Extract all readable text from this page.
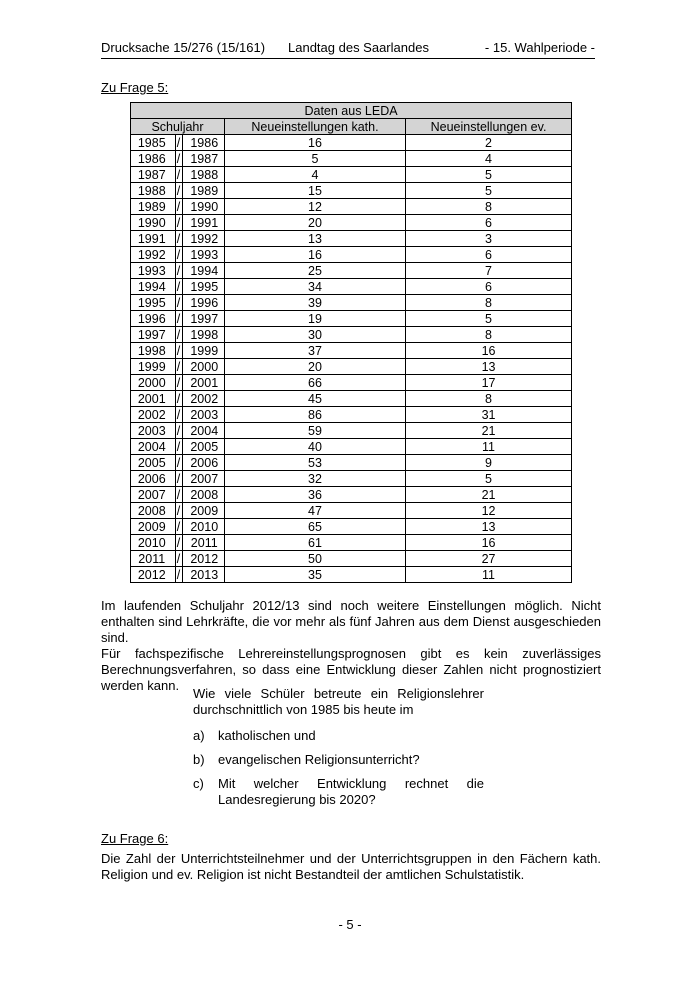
Drucksache 15/276 (15/161) Landtag des Saarlandes	- 15. Wahlperiode -
Zu Frage 5:
Daten aus LEDA				
Schuljahr			Neueinstellungen kath.	Neueinstellungen ev.
1985	/	1986	16	2
1986	/	1987	5	4
1987	/	1988	4	5
1988	/	1989	15	5
1989	/	1990	12	8
1990	/	1991	20	6
1991	/	1992	13	3
1992	/	1993	16	6
1993	/	1994	25	7
1994	/	1995	34	6
1995	/	1996	39	8
1996	/	1997	19	5
1997	/	1998	30	8
1998	/	1999	37	16
1999	/	2000	20	13
2000	/	2001	66	17
2001	/	2002	45	8
2002	/	2003	86	31
2003	/	2004	59	21
2004	/	2005	40	11
2005	/	2006	53	9
2006	/	2007	32	5
2007	/	2008	36	21
2008	/	2009	47	12
2009	/	2010	65	13
2010	/	2011	61	16
2011	/	2012	50	27
2012	/	2013	35	11

Im laufenden Schuljahr 2012/13 sind noch weitere Einstellungen möglich. Nicht enthalten sind Lehrkräfte, die vor mehr als fünf Jahren aus dem Dienst ausgeschieden sind.

Für fachspezifische Lehrereinstellungsprognosen gibt es kein zuverlässiges Berechnungsverfahren, so dass eine Entwicklung dieser Zahlen nicht prognostiziert werden kann.

Wie viele Schüler betreute ein Religionslehrer durchschnittlich von 1985 bis heute im
a) katholischen und
b) evangelischen Religionsunterricht?
c) Mit welcher Entwicklung rechnet die Landesregierung bis 2020?
Zu Frage 6:

Die Zahl der Unterrichtsteilnehmer und der Unterrichtsgruppen in den Fächern kath. Religion und ev. Religion ist nicht Bestandteil der amtlichen Schulstatistik.

- 5 -
